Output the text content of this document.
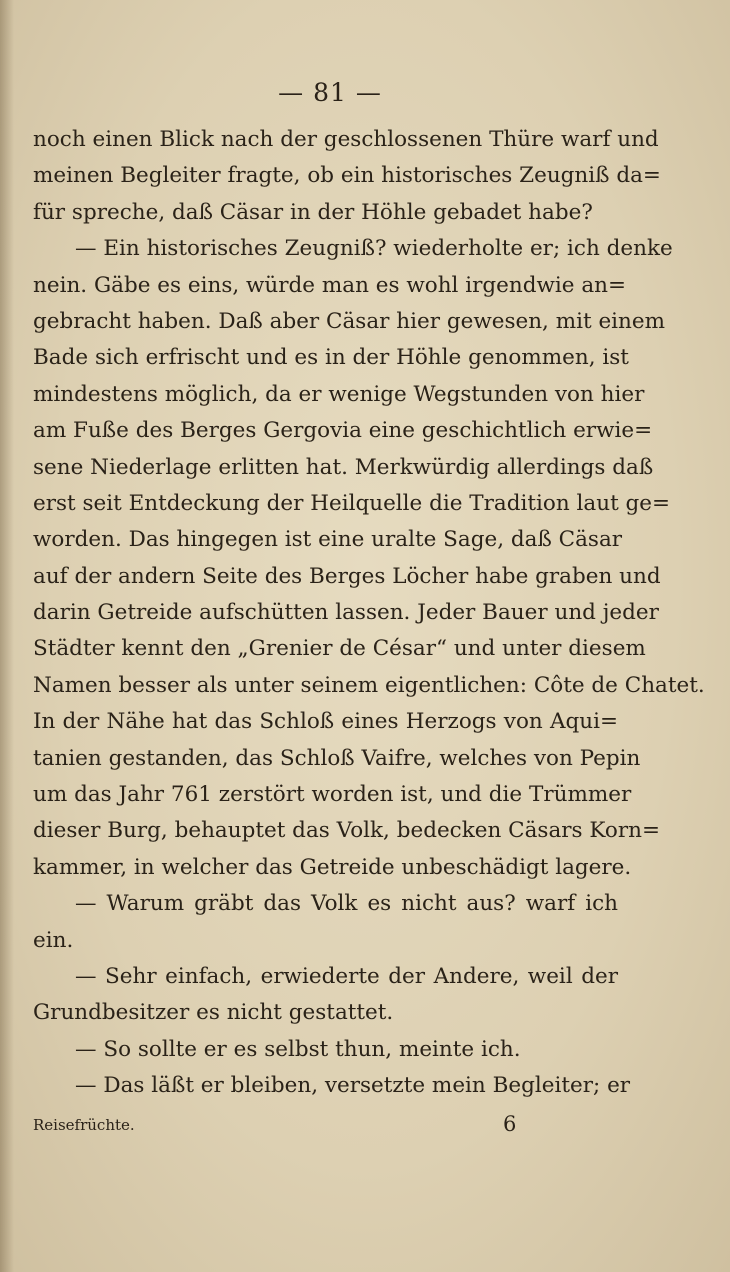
— 81 —
noch einen Blick nach der geschlossenen Thüre warf und
meinen Begleiter fragte, ob ein historisches Zeugniß da=
für spreche, daß Cäsar in der Höhle gebadet habe?
— Ein historisches Zeugniß? wiederholte er; ich denke
nein. Gäbe es eins, würde man es wohl irgendwie an=
gebracht haben. Daß aber Cäsar hier gewesen, mit einem
Bade sich erfrischt und es in der Höhle genommen, ist
mindestens möglich, da er wenige Wegstunden von hier
am Fuße des Berges Gergovia eine geschichtlich erwie=
sene Niederlage erlitten hat. Merkwürdig allerdings daß
erst seit Entdeckung der Heilquelle die Tradition laut ge=
worden. Das hingegen ist eine uralte Sage, daß Cäsar
auf der andern Seite des Berges Löcher habe graben und
darin Getreide aufschütten lassen. Jeder Bauer und jeder
Städter kennt den „Grenier de César“ und unter diesem
Namen besser als unter seinem eigentlichen: Côte de Chatet.
In der Nähe hat das Schloß eines Herzogs von Aqui=
tanien gestanden, das Schloß Vaifre, welches von Pepin
um das Jahr 761 zerstört worden ist, und die Trümmer
dieser Burg, behauptet das Volk, bedecken Cäsars Korn=
kammer, in welcher das Getreide unbeschädigt lagere.
— Warum gräbt das Volk es nicht aus? warf ich
ein.
— Sehr einfach, erwiederte der Andere, weil der
Grundbesitzer es nicht gestattet.
— So sollte er es selbst thun, meinte ich.
— Das läßt er bleiben, versetzte mein Begleiter; er
Reisefrüchte.	6
